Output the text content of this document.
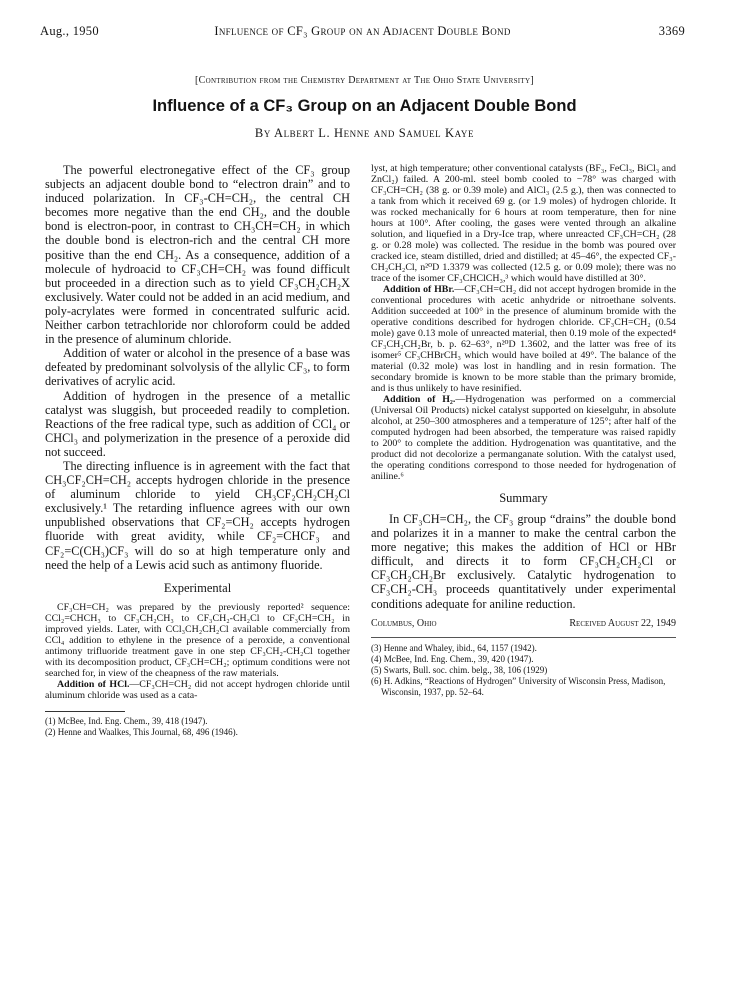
Aug., 1950	Influence of CF₃ Group on an Adjacent Double Bond	3369
[Contribution from the Chemistry Department at The Ohio State University]
Influence of a CF₃ Group on an Adjacent Double Bond
By Albert L. Henne and Samuel Kaye

The powerful electronegative effect of the CF₃ group subjects an adjacent double bond to “electron drain” and to induced polarization. In CF₃-CH=CH₂, the central CH becomes more negative than the end CH₂, and the double bond is electron-poor, in contrast to CH₃CH=CH₂ in which the double bond is electron-rich and the central CH more positive than the end CH₂. As a consequence, addition of a molecule of hydroacid to CF₃CH=CH₂ was found difficult but proceeded in a direction such as to yield CF₃CH₂CH₂X exclusively. Water could not be added in an acid medium, and poly-acrylates were formed in concentrated sulfuric acid. Neither carbon tetrachloride nor chloroform could be added in the presence of aluminum chloride.

Addition of water or alcohol in the presence of a base was defeated by predominant solvolysis of the allylic CF₃, to form derivatives of acrylic acid.

Addition of hydrogen in the presence of a metallic catalyst was sluggish, but proceeded readily to completion. Reactions of the free radical type, such as addition of CCl₄ or CHCl₃ and polymerization in the presence of a peroxide did not succeed.

The directing influence is in agreement with the fact that CH₃CF₂CH=CH₂ accepts hydrogen chloride in the presence of aluminum chloride to yield CH₃CF₂CH₂CH₂Cl exclusively.¹ The retarding influence agrees with our own unpublished observations that CF₂=CH₂ accepts hydrogen fluoride with great avidity, while CF₂=CHCF₃ and CF₂=C(CH₃)CF₃ will do so at high temperature only and need the help of a Lewis acid such as antimony fluoride.

Experimental

CF₃CH=CH₂ was prepared by the previously reported² sequence: CCl₂=CHCH₃ to CF₃CH₂CH₃ to CF₃CH₂-CH₂Cl to CF₃CH=CH₂ in improved yields. Later, with CCl₃CH₂CH₂Cl available commercially from CCl₄ addition to ethylene in the presence of a peroxide, a conventional antimony trifluoride treatment gave in one step CF₃CH₂-CH₂Cl together with its decomposition product, CF₃CH=CH₂; optimum conditions were not searched for, in view of the cheapness of the raw materials.

Addition of HCl.—CF₃CH=CH₂ did not accept hydrogen chloride until aluminum chloride was used as a cata-

(1) McBee, Ind. Eng. Chem., 39, 418 (1947).

(2) Henne and Waalkes, This Journal, 68, 496 (1946).

lyst, at high temperature; other conventional catalysts (BF₃, FeCl₃, BiCl₃ and ZnCl₂) failed. A 200-ml. steel bomb cooled to −78° was charged with CF₃CH=CH₂ (38 g. or 0.39 mole) and AlCl₃ (2.5 g.), then was connected to a tank from which it received 69 g. (or 1.9 moles) of hydrogen chloride. It was rocked mechanically for 6 hours at room temperature, then for nine hours at 100°. After cooling, the gases were vented through an alkaline solution, and liquefied in a Dry-Ice trap, where unreacted CF₃CH=CH₂ (28 g. or 0.28 mole) was collected. The residue in the bomb was poured over cracked ice, steam distilled, dried and distilled; at 45–46°, the expected CF₃-CH₂CH₂Cl, n²⁰D 1.3379 was collected (12.5 g. or 0.09 mole); there was no trace of the isomer CF₃CHClCH₃,³ which would have distilled at 30°.

Addition of HBr.—CF₃CH=CH₂ did not accept hydrogen bromide in the conventional procedures with acetic anhydride or nitroethane solvents. Addition succeeded at 100° in the presence of aluminum bromide with the operative conditions described for hydrogen chloride. CF₃CH=CH₂ (0.54 mole) gave 0.13 mole of unreacted material, then 0.19 mole of the expected⁴ CF₃CH₂CH₂Br, b. p. 62–63°, n²⁰D 1.3602, and the latter was free of its isomer⁵ CF₃CHBrCH₃ which would have boiled at 49°. The balance of the material (0.32 mole) was lost in handling and in resin formation. The secondary bromide is known to be more stable than the primary bromide, and is thus unlikely to have resinified.

Addition of H₂.—Hydrogenation was performed on a commercial (Universal Oil Products) nickel catalyst supported on kieselguhr, in absolute alcohol, at 250–300 atmospheres and a temperature of 125°; after half of the computed hydrogen had been absorbed, the temperature was raised rapidly to 200° to complete the addition. Hydrogenation was quantitative, and the product did not decolorize a permanganate solution. With the catalyst used, the operating conditions correspond to those needed for hydrogenation of aniline.⁶

Summary

In CF₃CH=CH₂, the CF₃ group “drains” the double bond and polarizes it in a manner to make the central carbon the more negative; this makes the addition of HCl or HBr difficult, and directs it to form CF₃CH₂CH₂Cl or CF₃CH₂CH₂Br exclusively. Catalytic hydrogenation to CF₃CH₂-CH₃ proceeds quantitatively under experimental conditions adequate for aniline reduction.

Columbus, Ohio	Received August 22, 1949

(3) Henne and Whaley, ibid., 64, 1157 (1942).

(4) McBee, Ind. Eng. Chem., 39, 420 (1947).

(5) Swarts, Bull. soc. chim. belg., 38, 106 (1929)

(6) H. Adkins, “Reactions of Hydrogen” University of Wisconsin Press, Madison, Wisconsin, 1937, pp. 52–64.
